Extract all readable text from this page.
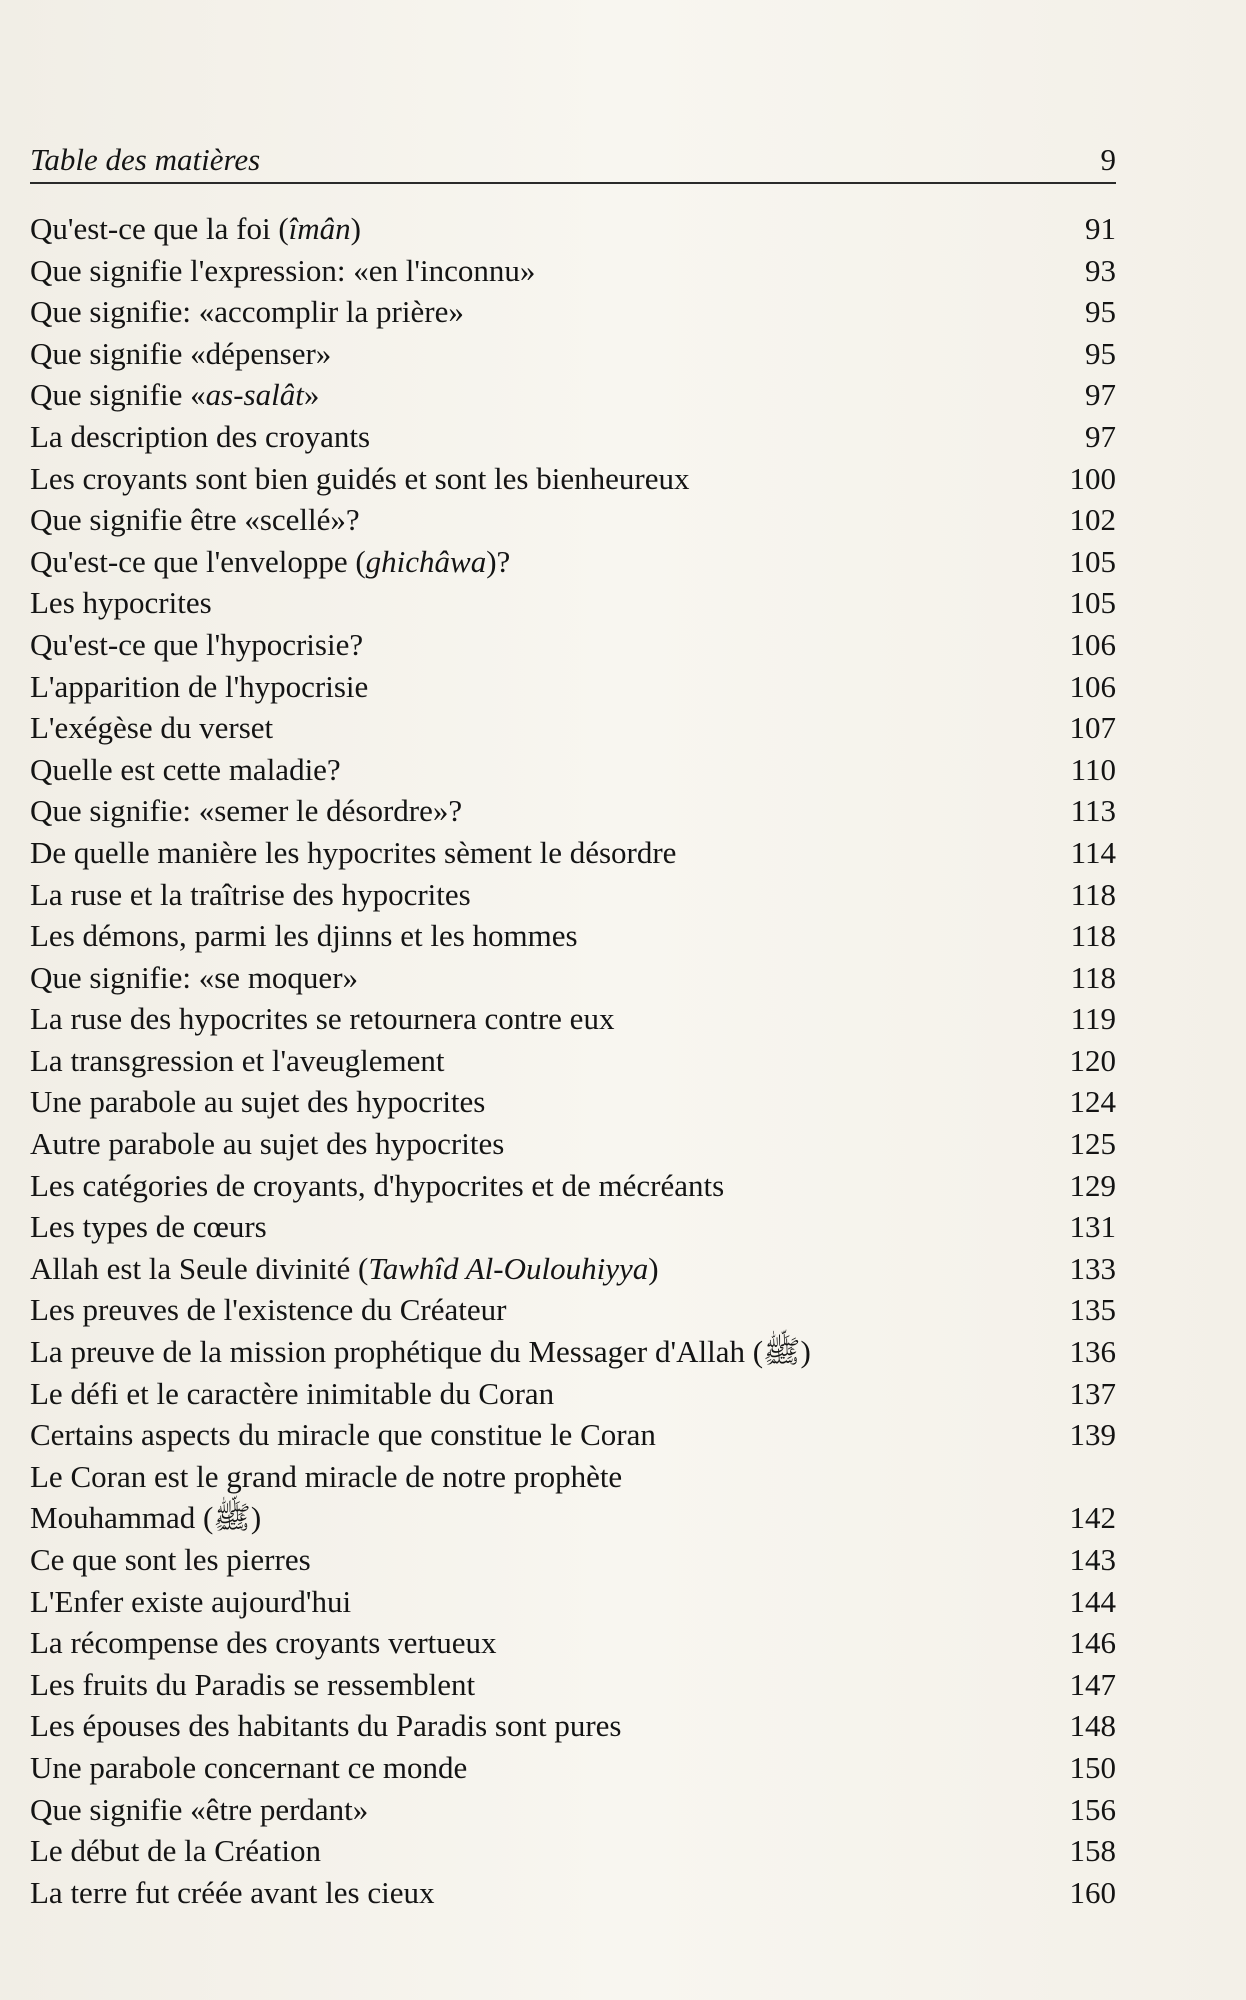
Table des matières	9
Qu'est-ce que la foi (îmân)	91
Que signifie l'expression: «en l'inconnu»	93
Que signifie: «accomplir la prière»	95
Que signifie «dépenser»	95
Que signifie «as-salât»	97
La description des croyants	97
Les croyants sont bien guidés et sont les bienheureux	100
Que signifie être «scellé»?	102
Qu'est-ce que l'enveloppe (ghichâwa)?	105
Les hypocrites	105
Qu'est-ce que l'hypocrisie?	106
L'apparition de l'hypocrisie	106
L'exégèse du verset	107
Quelle est cette maladie?	110
Que signifie: «semer le désordre»?	113
De quelle manière les hypocrites sèment le désordre	114
La ruse et la traîtrise des hypocrites	118
Les démons, parmi les djinns et les hommes	118
Que signifie: «se moquer»	118
La ruse des hypocrites se retournera contre eux	119
La transgression et l'aveuglement	120
Une parabole au sujet des hypocrites	124
Autre parabole au sujet des hypocrites	125
Les catégories de croyants, d'hypocrites et de mécréants	129
Les types de cœurs	131
Allah est la Seule divinité (Tawhîd Al-Oulouhiyya)	133
Les preuves de l'existence du Créateur	135
La preuve de la mission prophétique du Messager d'Allah (ﷺ)	136
Le défi et le caractère inimitable du Coran	137
Certains aspects du miracle que constitue le Coran	139
Le Coran est le grand miracle de notre prophète
Mouhammad (ﷺ)	142
Ce que sont les pierres	143
L'Enfer existe aujourd'hui	144
La récompense des croyants vertueux	146
Les fruits du Paradis se ressemblent	147
Les épouses des habitants du Paradis sont pures	148
Une parabole concernant ce monde	150
Que signifie «être perdant»	156
Le début de la Création	158
La terre fut créée avant les cieux	160
